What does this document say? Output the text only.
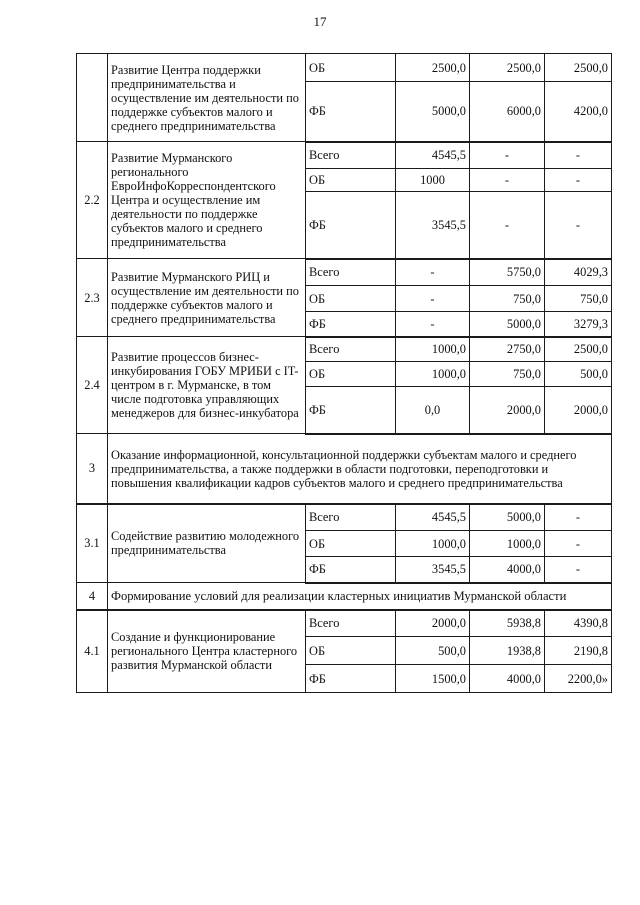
17
	Развитие Центра поддержки предпринимательства и осуществление им деятельности по поддержке субъектов малого и среднего предпринимательства	ОБ	2500,0	2500,0	2500,0
		ФБ	5000,0	6000,0	4200,0
2.2	Развитие Мурманского регионального ЕвроИнфоКорреспондентского Центра и осуществление им деятельности по поддержке субъектов малого и среднего предпринимательства	Всего	4545,5	-	-
		ОБ	1000	-	-
		ФБ	3545,5	-	-
2.3	Развитие Мурманского РИЦ и осуществление им деятельности по поддержке субъектов малого и среднего предпринимательства	Всего	-	5750,0	4029,3
		ОБ	-	750,0	750,0
		ФБ	-	5000,0	3279,3
2.4	Развитие процессов бизнес-инкубирования ГОБУ МРИБИ с IT-центром в г. Мурманске, в том числе подготовка управляющих менеджеров для бизнес-инкубатора	Всего	1000,0	2750,0	2500,0
		ОБ	1000,0	750,0	500,0
		ФБ	0,0	2000,0	2000,0
3	Оказание информационной, консультационной поддержки субъектам малого и среднего предпринимательства, а также поддержки в области подготовки, переподготовки и повышения квалификации кадров субъектов малого и среднего предпринимательства				
3.1	Содействие развитию молодежного предпринимательства	Всего	4545,5	5000,0	-
		ОБ	1000,0	1000,0	-
		ФБ	3545,5	4000,0	-
4	Формирование условий для реализации кластерных инициатив Мурманской области				
4.1	Создание и функционирование регионального Центра кластерного развития Мурманской области	Всего	2000,0	5938,8	4390,8
		ОБ	500,0	1938,8	2190,8
		ФБ	1500,0	4000,0	2200,0»
